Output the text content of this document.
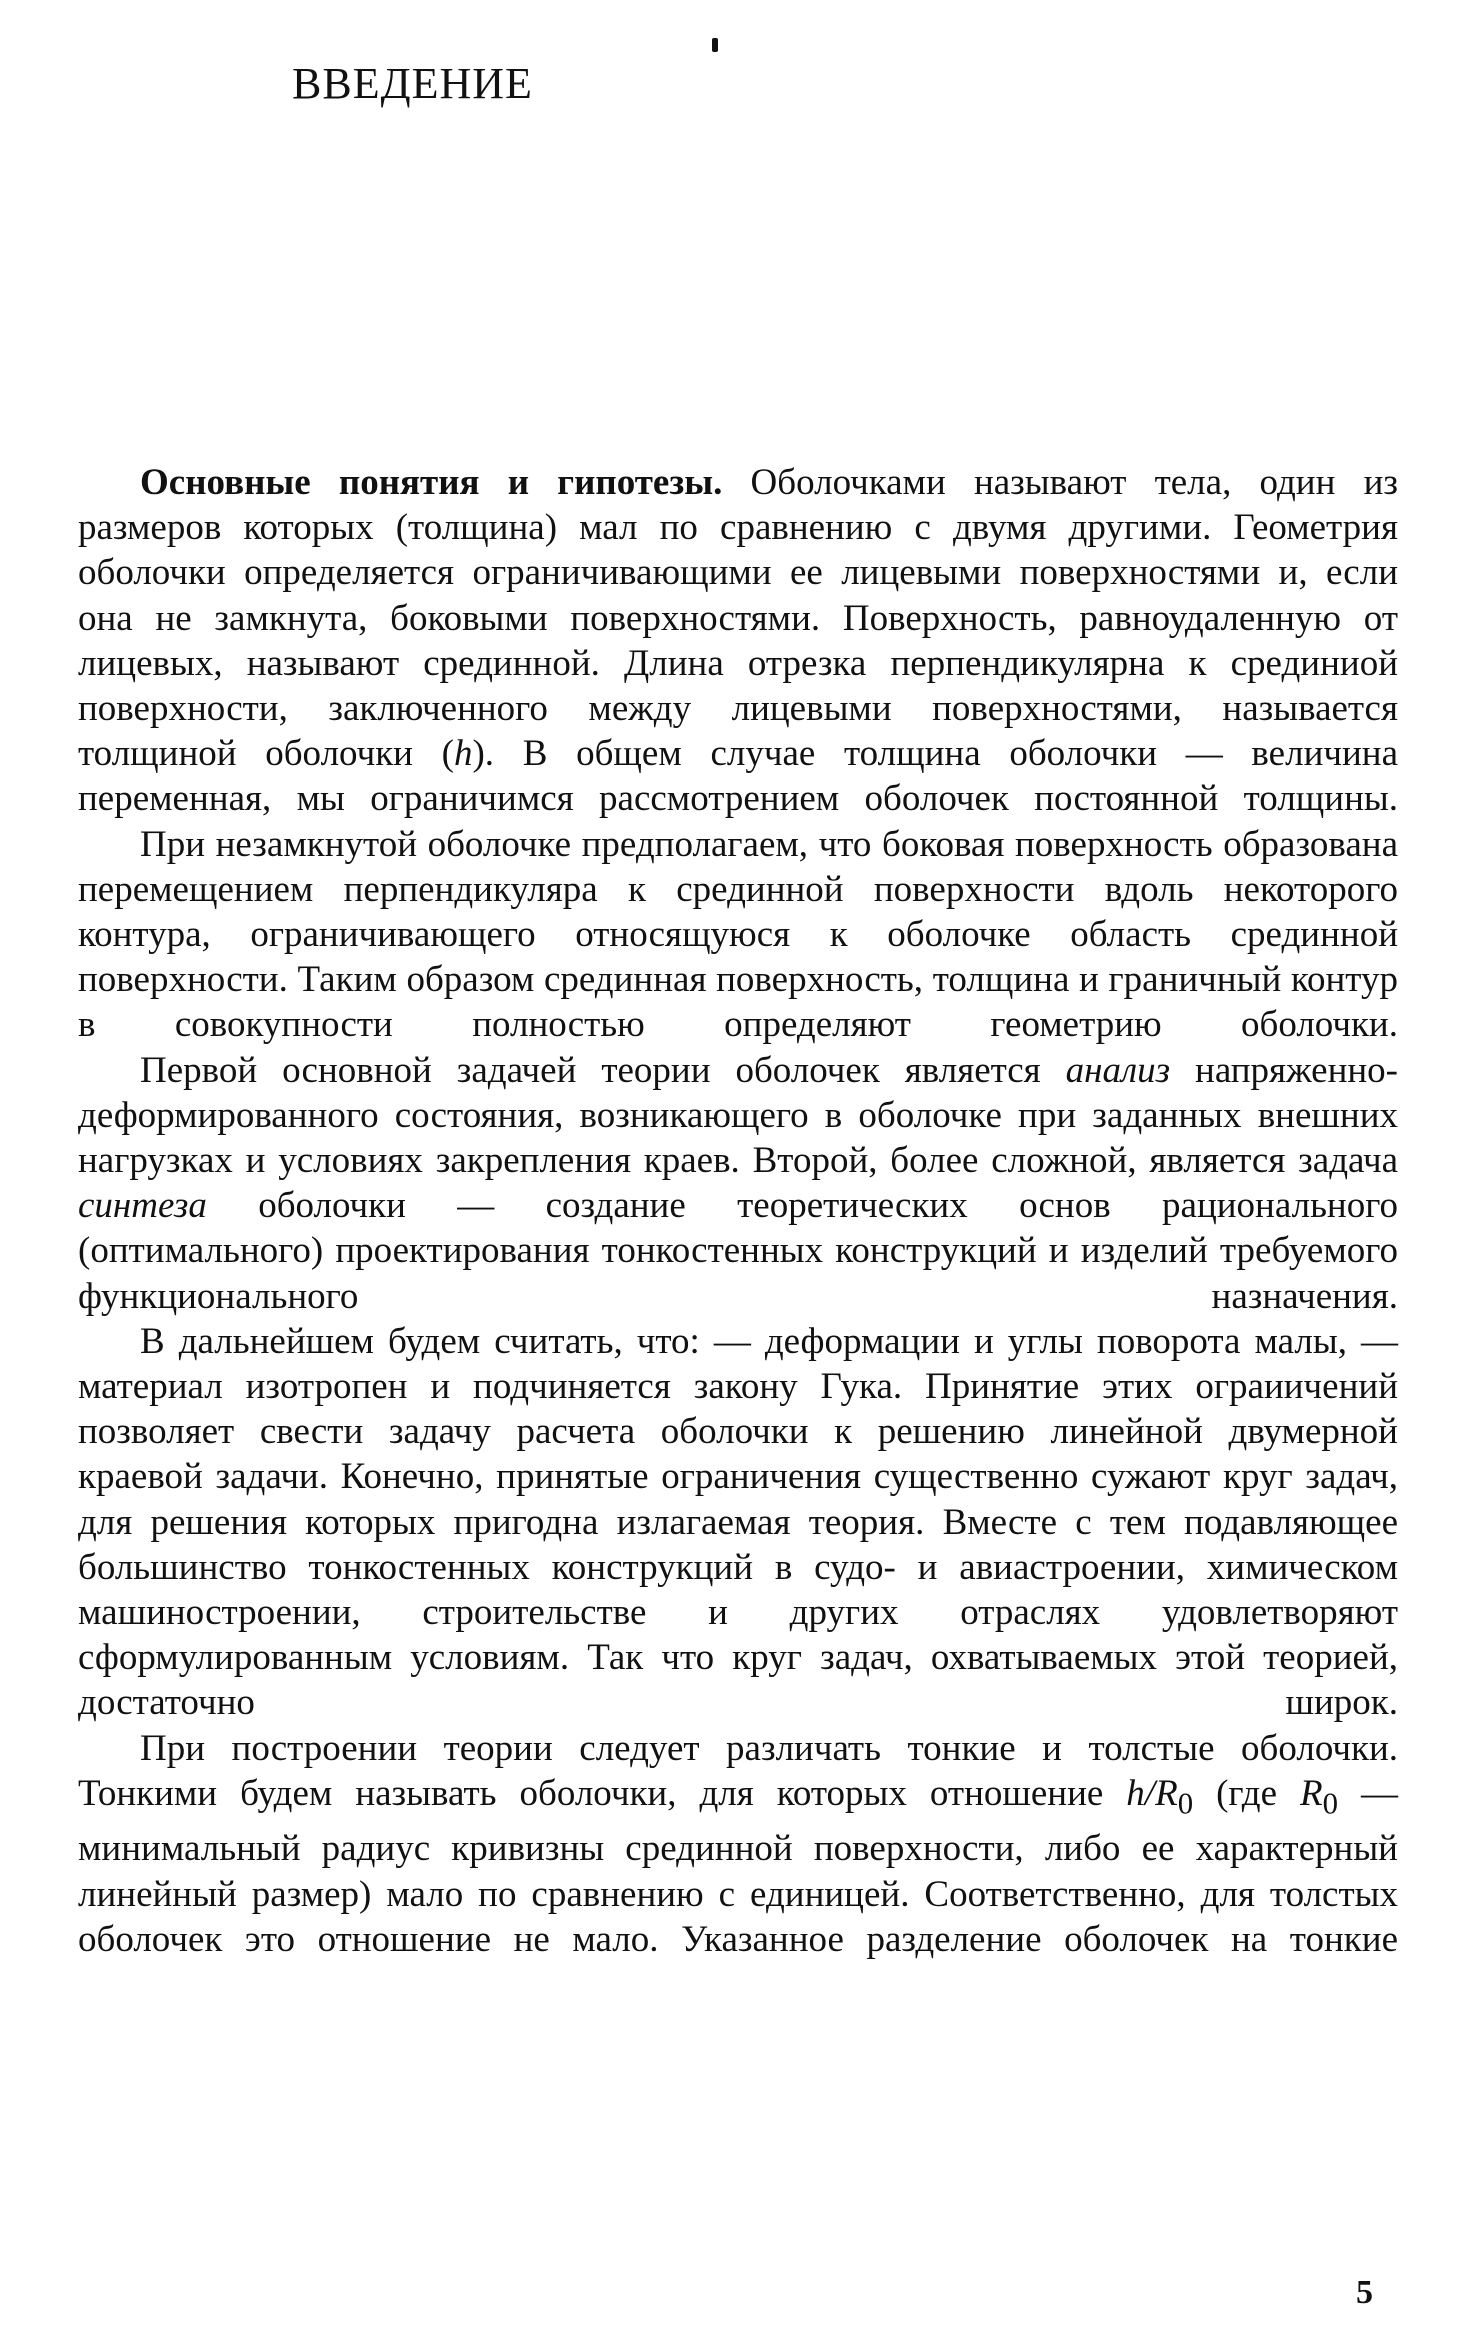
ВВЕДЕНИЕ

Основные понятия и гипотезы. Оболочками называют тела, один из размеров которых (толщина) мал по сравнению с двумя другими. Геометрия оболочки определяется ограничивающими ее лицевыми поверхностями и, если она не замкнута, боковыми поверхностями. Поверхность, равноудаленную от лицевых, называют срединной. Длина отрезка перпендикулярна к срединиой поверхности, заключенного между лицевыми поверхностями, называется толщиной оболочки (h). В общем случае толщина оболочки — величина переменная, мы ограничимся рассмотрением оболочек постоянной толщины.

При незамкнутой оболочке предполагаем, что боковая поверхность образована перемещением перпендикуляра к срединной поверхности вдоль некоторого контура, ограничивающего относящуюся к оболочке область срединной поверхности. Таким образом срединная поверхность, толщина и граничный контур в совокупности полностью определяют геометрию оболочки.

Первой основной задачей теории оболочек является анализ напряженно-деформированного состояния, возникающего в оболочке при заданных внешних нагрузках и условиях закрепления краев. Второй, более сложной, является задача синтеза оболочки — создание теоретических основ рационального (оптимального) проектирования тонкостенных конструкций и изделий требуемого функционального назначения.

В дальнейшем будем считать, что: — деформации и углы поворота малы, — материал изотропен и подчиняется закону Гука. Принятие этих ограиичений позволяет свести задачу расчета оболочки к решению линейной двумерной краевой задачи. Конечно, принятые ограничения существенно сужают круг задач, для решения которых пригодна излагаемая теория. Вместе с тем подавляющее большинство тонкостенных конструкций в судо- и авиастроении, химическом машиностроении, строительстве и других отраслях удовлетворяют сформулированным условиям. Так что круг задач, охватываемых этой теорией, достаточно широк.

При построении теории следует различать тонкие и толстые оболочки. Тонкими будем называть оболочки, для которых отношение $h/R_0$ (где $R_0$ — минимальный радиус кривизны срединной поверхности, либо ее характерный линейный размер) мало по сравнению с единицей. Соответственно, для толстых оболочек это отношение не мало. Указанное разделение оболочек на тонкие

5
